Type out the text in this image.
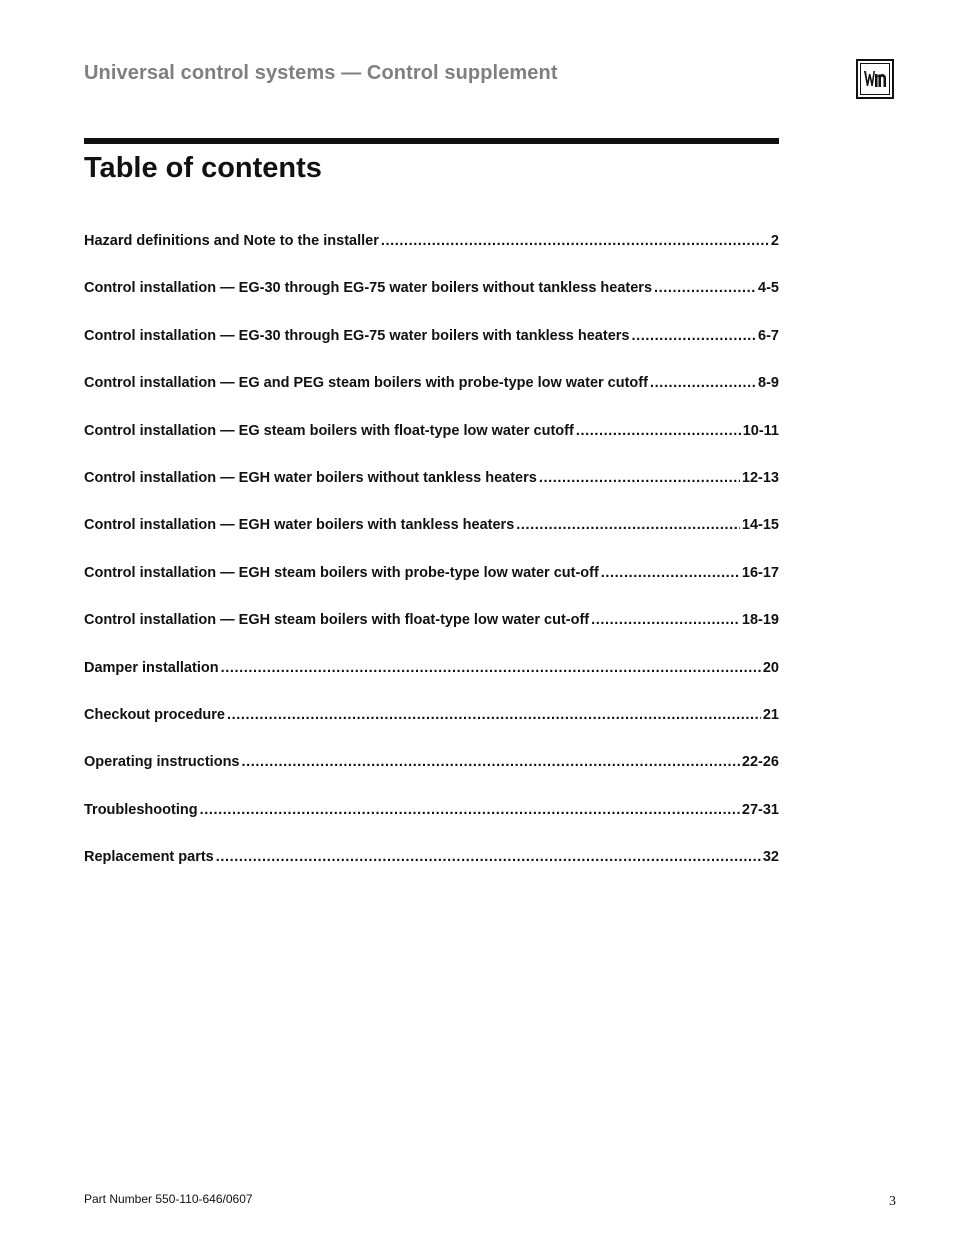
Universal control systems — Control supplement
Table of contents
Hazard definitions and Note to the installer .....	2
Control installation — EG-30 through EG-75 water boilers without tankless heaters .....	4-5
Control installation — EG-30 through EG-75 water boilers with tankless heaters .....	6-7
Control installation — EG and PEG steam boilers with probe-type low water cutoff .....	8-9
Control installation — EG steam boilers with float-type low water cutoff .....	10-11
Control installation — EGH water boilers without tankless heaters .....	12-13
Control installation — EGH water boilers with tankless heaters .....	14-15
Control installation — EGH steam boilers with probe-type low water cut-off .....	16-17
Control installation — EGH steam boilers with float-type low water cut-off .....	18-19
Damper installation .....	20
Checkout procedure .....	21
Operating instructions .....	22-26
Troubleshooting .....	27-31
Replacement parts .....	32
Part Number 550-110-646/0607	3
